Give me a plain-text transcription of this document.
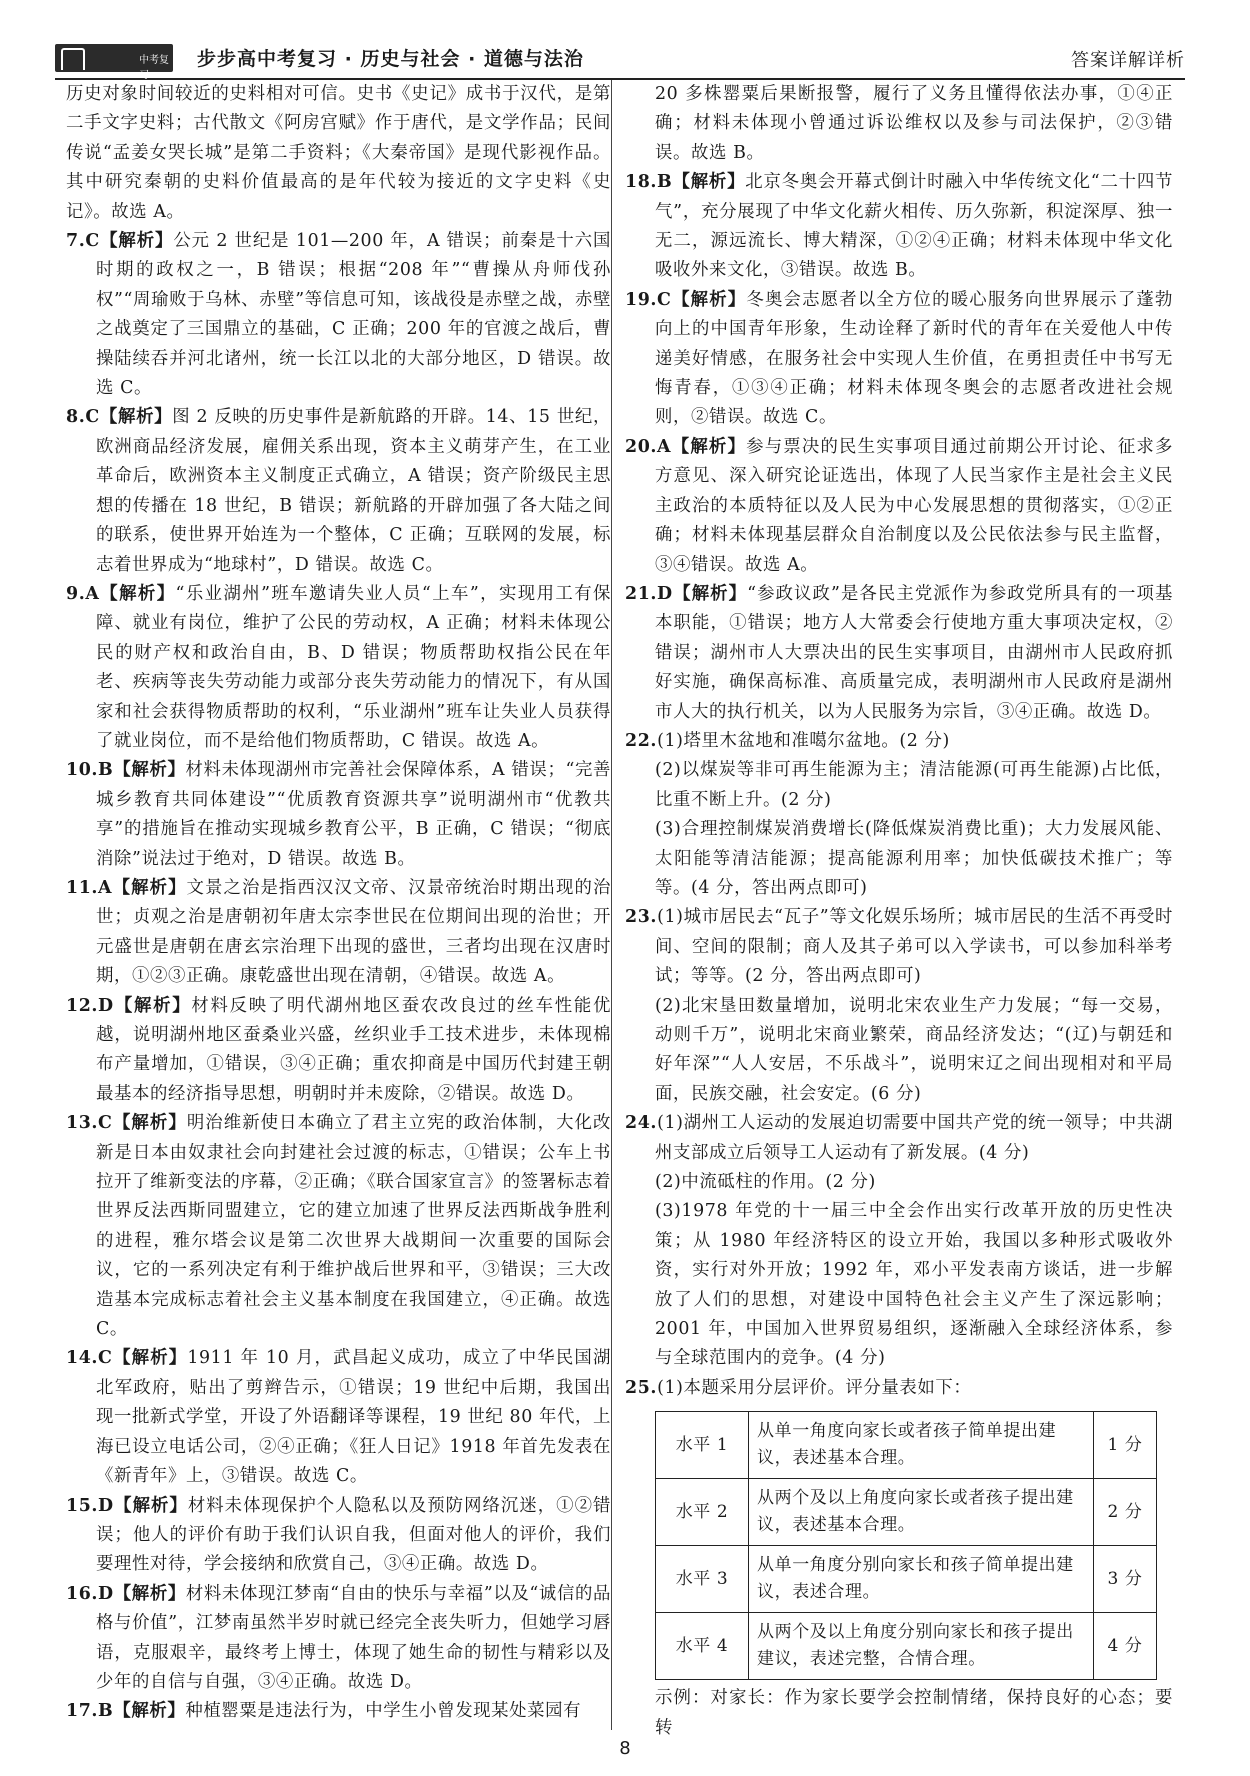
中考复习
步步高中考复习 · 历史与社会 · 道德与法治	答案详解详析

历史对象时间较近的史料相对可信。史书《史记》成书于汉代，是第二手文字史料；古代散文《阿房宫赋》作于唐代，是文学作品；民间传说“孟姜女哭长城”是第二手资料；《大秦帝国》是现代影视作品。其中研究秦朝的史料价值最高的是年代较为接近的文字史料《史记》。故选 A。

7.C【解析】公元 2 世纪是 101—200 年，A 错误；前秦是十六国时期的政权之一，B 错误；根据“208 年”“曹操从舟师伐孙权”“周瑜败于乌林、赤壁”等信息可知，该战役是赤壁之战，赤壁之战奠定了三国鼎立的基础，C 正确；200 年的官渡之战后，曹操陆续吞并河北诸州，统一长江以北的大部分地区，D 错误。故选 C。

8.C【解析】图 2 反映的历史事件是新航路的开辟。14、15 世纪，欧洲商品经济发展，雇佣关系出现，资本主义萌芽产生，在工业革命后，欧洲资本主义制度正式确立，A 错误；资产阶级民主思想的传播在 18 世纪，B 错误；新航路的开辟加强了各大陆之间的联系，使世界开始连为一个整体，C 正确；互联网的发展，标志着世界成为“地球村”，D 错误。故选 C。

9.A【解析】“乐业湖州”班车邀请失业人员“上车”，实现用工有保障、就业有岗位，维护了公民的劳动权，A 正确；材料未体现公民的财产权和政治自由，B、D 错误；物质帮助权指公民在年老、疾病等丧失劳动能力或部分丧失劳动能力的情况下，有从国家和社会获得物质帮助的权利，“乐业湖州”班车让失业人员获得了就业岗位，而不是给他们物质帮助，C 错误。故选 A。

10.B【解析】材料未体现湖州市完善社会保障体系，A 错误；“完善城乡教育共同体建设”“优质教育资源共享”说明湖州市“优教共享”的措施旨在推动实现城乡教育公平，B 正确，C 错误；“彻底消除”说法过于绝对，D 错误。故选 B。

11.A【解析】文景之治是指西汉汉文帝、汉景帝统治时期出现的治世；贞观之治是唐朝初年唐太宗李世民在位期间出现的治世；开元盛世是唐朝在唐玄宗治理下出现的盛世，三者均出现在汉唐时期，①②③正确。康乾盛世出现在清朝，④错误。故选 A。

12.D【解析】材料反映了明代湖州地区蚕农改良过的丝车性能优越，说明湖州地区蚕桑业兴盛，丝织业手工技术进步，未体现棉布产量增加，①错误，③④正确；重农抑商是中国历代封建王朝最基本的经济指导思想，明朝时并未废除，②错误。故选 D。

13.C【解析】明治维新使日本确立了君主立宪的政治体制，大化改新是日本由奴隶社会向封建社会过渡的标志，①错误；公车上书拉开了维新变法的序幕，②正确；《联合国家宣言》的签署标志着世界反法西斯同盟建立，它的建立加速了世界反法西斯战争胜利的进程，雅尔塔会议是第二次世界大战期间一次重要的国际会议，它的一系列决定有利于维护战后世界和平，③错误；三大改造基本完成标志着社会主义基本制度在我国建立，④正确。故选 C。

14.C【解析】1911 年 10 月，武昌起义成功，成立了中华民国湖北军政府，贴出了剪辫告示，①错误；19 世纪中后期，我国出现一批新式学堂，开设了外语翻译等课程，19 世纪 80 年代，上海已设立电话公司，②④正确；《狂人日记》1918 年首先发表在《新青年》上，③错误。故选 C。

15.D【解析】材料未体现保护个人隐私以及预防网络沉迷，①②错误；他人的评价有助于我们认识自我，但面对他人的评价，我们要理性对待，学会接纳和欣赏自己，③④正确。故选 D。

16.D【解析】材料未体现江梦南“自由的快乐与幸福”以及“诚信的品格与价值”，江梦南虽然半岁时就已经完全丧失听力，但她学习唇语，克服艰辛，最终考上博士，体现了她生命的韧性与精彩以及少年的自信与自强，③④正确。故选 D。

17.B【解析】种植罂粟是违法行为，中学生小曾发现某处菜园有

20 多株罂粟后果断报警，履行了义务且懂得依法办事，①④正确；材料未体现小曾通过诉讼维权以及参与司法保护，②③错误。故选 B。

18.B【解析】北京冬奥会开幕式倒计时融入中华传统文化“二十四节气”，充分展现了中华文化薪火相传、历久弥新，积淀深厚、独一无二，源远流长、博大精深，①②④正确；材料未体现中华文化吸收外来文化，③错误。故选 B。

19.C【解析】冬奥会志愿者以全方位的暖心服务向世界展示了蓬勃向上的中国青年形象，生动诠释了新时代的青年在关爱他人中传递美好情感，在服务社会中实现人生价值，在勇担责任中书写无悔青春，①③④正确；材料未体现冬奥会的志愿者改进社会规则，②错误。故选 C。

20.A【解析】参与票决的民生实事项目通过前期公开讨论、征求多方意见、深入研究论证选出，体现了人民当家作主是社会主义民主政治的本质特征以及人民为中心发展思想的贯彻落实，①②正确；材料未体现基层群众自治制度以及公民依法参与民主监督，③④错误。故选 A。

21.D【解析】“参政议政”是各民主党派作为参政党所具有的一项基本职能，①错误；地方人大常委会行使地方重大事项决定权，②错误；湖州市人大票决出的民生实事项目，由湖州市人民政府抓好实施，确保高标准、高质量完成，表明湖州市人民政府是湖州市人大的执行机关，以为人民服务为宗旨，③④正确。故选 D。

22.(1)塔里木盆地和准噶尔盆地。(2 分)

(2)以煤炭等非可再生能源为主；清洁能源(可再生能源)占比低，比重不断上升。(2 分)

(3)合理控制煤炭消费增长(降低煤炭消费比重)；大力发展风能、太阳能等清洁能源；提高能源利用率；加快低碳技术推广；等等。(4 分，答出两点即可)

23.(1)城市居民去“瓦子”等文化娱乐场所；城市居民的生活不再受时间、空间的限制；商人及其子弟可以入学读书，可以参加科举考试；等等。(2 分，答出两点即可)

(2)北宋垦田数量增加，说明北宋农业生产力发展；“每一交易，动则千万”，说明北宋商业繁荣，商品经济发达；“(辽)与朝廷和好年深”“人人安居，不乐战斗”，说明宋辽之间出现相对和平局面，民族交融，社会安定。(6 分)

24.(1)湖州工人运动的发展迫切需要中国共产党的统一领导；中共湖州支部成立后领导工人运动有了新发展。(4 分)

(2)中流砥柱的作用。(2 分)

(3)1978 年党的十一届三中全会作出实行改革开放的历史性决策；从 1980 年经济特区的设立开始，我国以多种形式吸收外资，实行对外开放；1992 年，邓小平发表南方谈话，进一步解放了人们的思想，对建设中国特色社会主义产生了深远影响；2001 年，中国加入世界贸易组织，逐渐融入全球经济体系，参与全球范围内的竞争。(4 分)

25.(1)本题采用分层评价。评分量表如下：

水平 1	从单一角度向家长或者孩子简单提出建议，表述基本合理。	1 分
水平 2	从两个及以上角度向家长或者孩子提出建议，表述基本合理。	2 分
水平 3	从单一角度分别向家长和孩子简单提出建议，表述合理。	3 分
水平 4	从两个及以上角度分别向家长和孩子提出建议，表述完整，合情合理。	4 分

示例：对家长：作为家长要学会控制情绪，保持良好的心态；要转

8
